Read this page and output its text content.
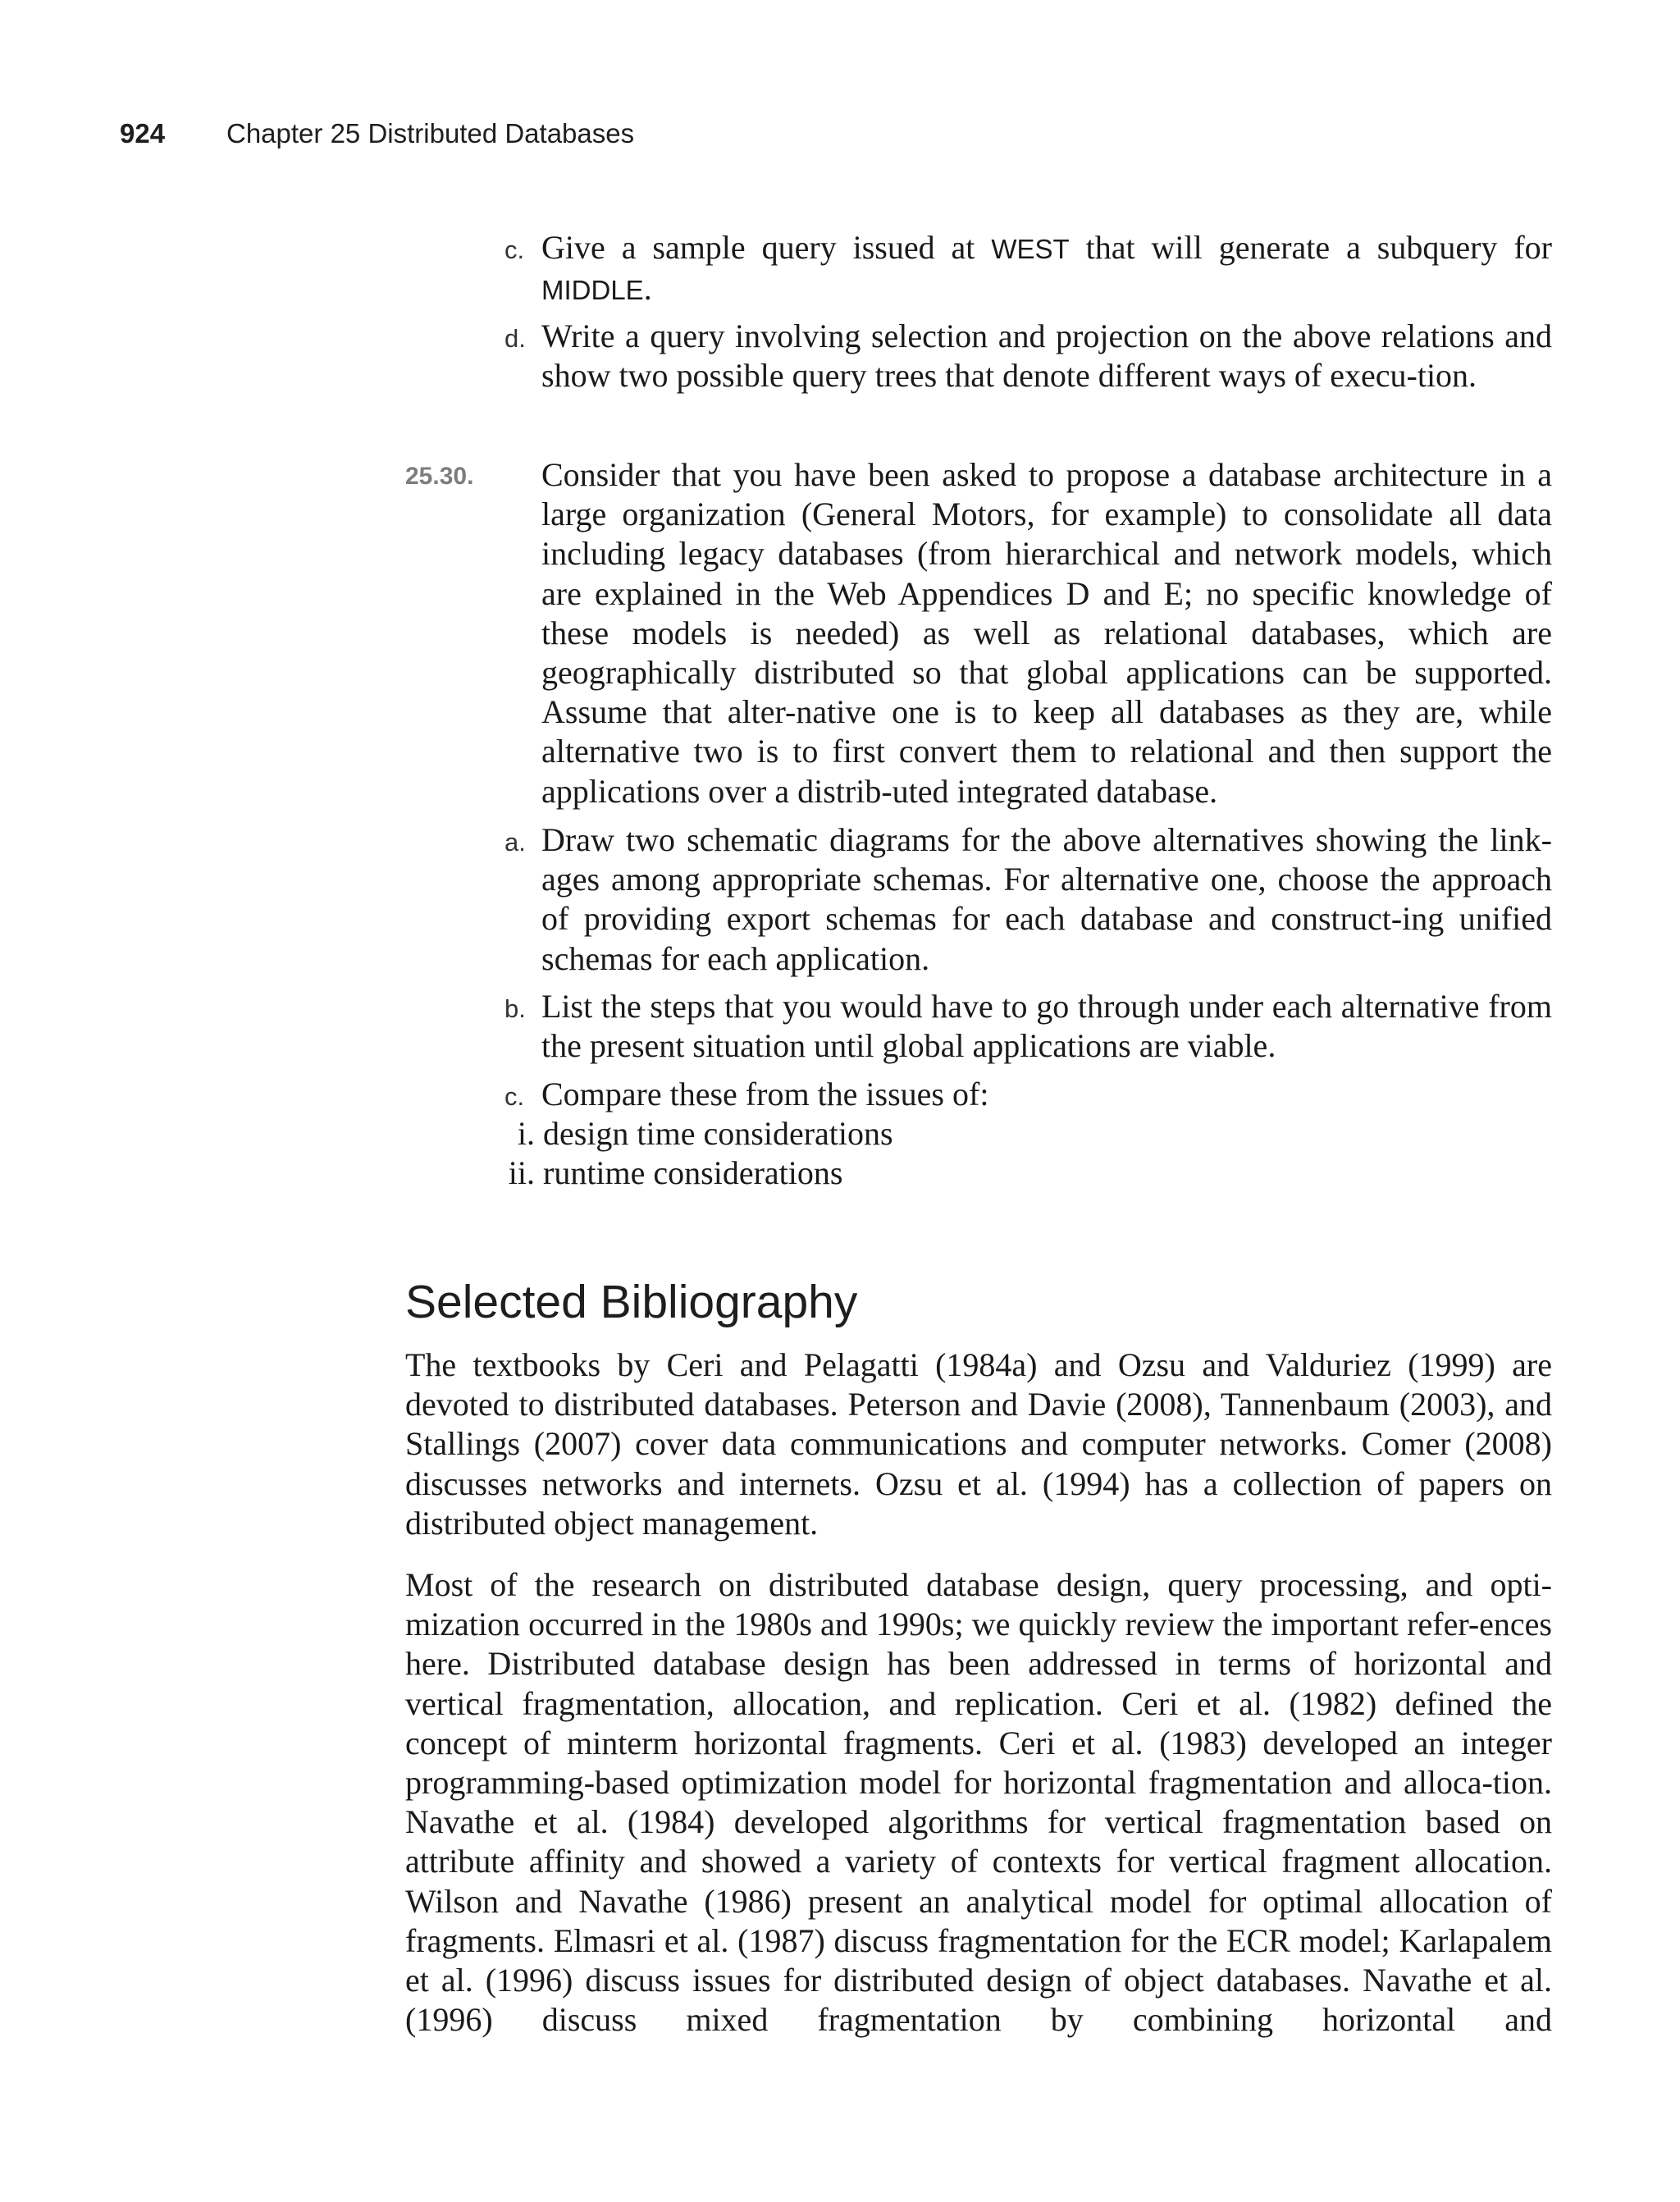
924	Chapter 25 Distributed Databases
c. Give a sample query issued at WEST that will generate a subquery for MIDDLE.
d. Write a query involving selection and projection on the above relations and show two possible query trees that denote different ways of execu-tion.
25.30. Consider that you have been asked to propose a database architecture in a large organization (General Motors, for example) to consolidate all data including legacy databases (from hierarchical and network models, which are explained in the Web Appendices D and E; no specific knowledge of these models is needed) as well as relational databases, which are geographically distributed so that global applications can be supported. Assume that alter-native one is to keep all databases as they are, while alternative two is to first convert them to relational and then support the applications over a distrib-uted integrated database.
a. Draw two schematic diagrams for the above alternatives showing the link-ages among appropriate schemas. For alternative one, choose the approach of providing export schemas for each database and construct-ing unified schemas for each application.
b. List the steps that you would have to go through under each alternative from the present situation until global applications are viable.
c. Compare these from the issues of:
i. design time considerations
ii. runtime considerations
Selected Bibliography
The textbooks by Ceri and Pelagatti (1984a) and Ozsu and Valduriez (1999) are devoted to distributed databases. Peterson and Davie (2008), Tannenbaum (2003), and Stallings (2007) cover data communications and computer networks. Comer (2008) discusses networks and internets. Ozsu et al. (1994) has a collection of papers on distributed object management.
Most of the research on distributed database design, query processing, and opti-mization occurred in the 1980s and 1990s; we quickly review the important refer-ences here. Distributed database design has been addressed in terms of horizontal and vertical fragmentation, allocation, and replication. Ceri et al. (1982) defined the concept of minterm horizontal fragments. Ceri et al. (1983) developed an integer programming-based optimization model for horizontal fragmentation and alloca-tion. Navathe et al. (1984) developed algorithms for vertical fragmentation based on attribute affinity and showed a variety of contexts for vertical fragment allocation. Wilson and Navathe (1986) present an analytical model for optimal allocation of fragments. Elmasri et al. (1987) discuss fragmentation for the ECR model; Karlapalem et al. (1996) discuss issues for distributed design of object databases. Navathe et al. (1996) discuss mixed fragmentation by combining horizontal and
